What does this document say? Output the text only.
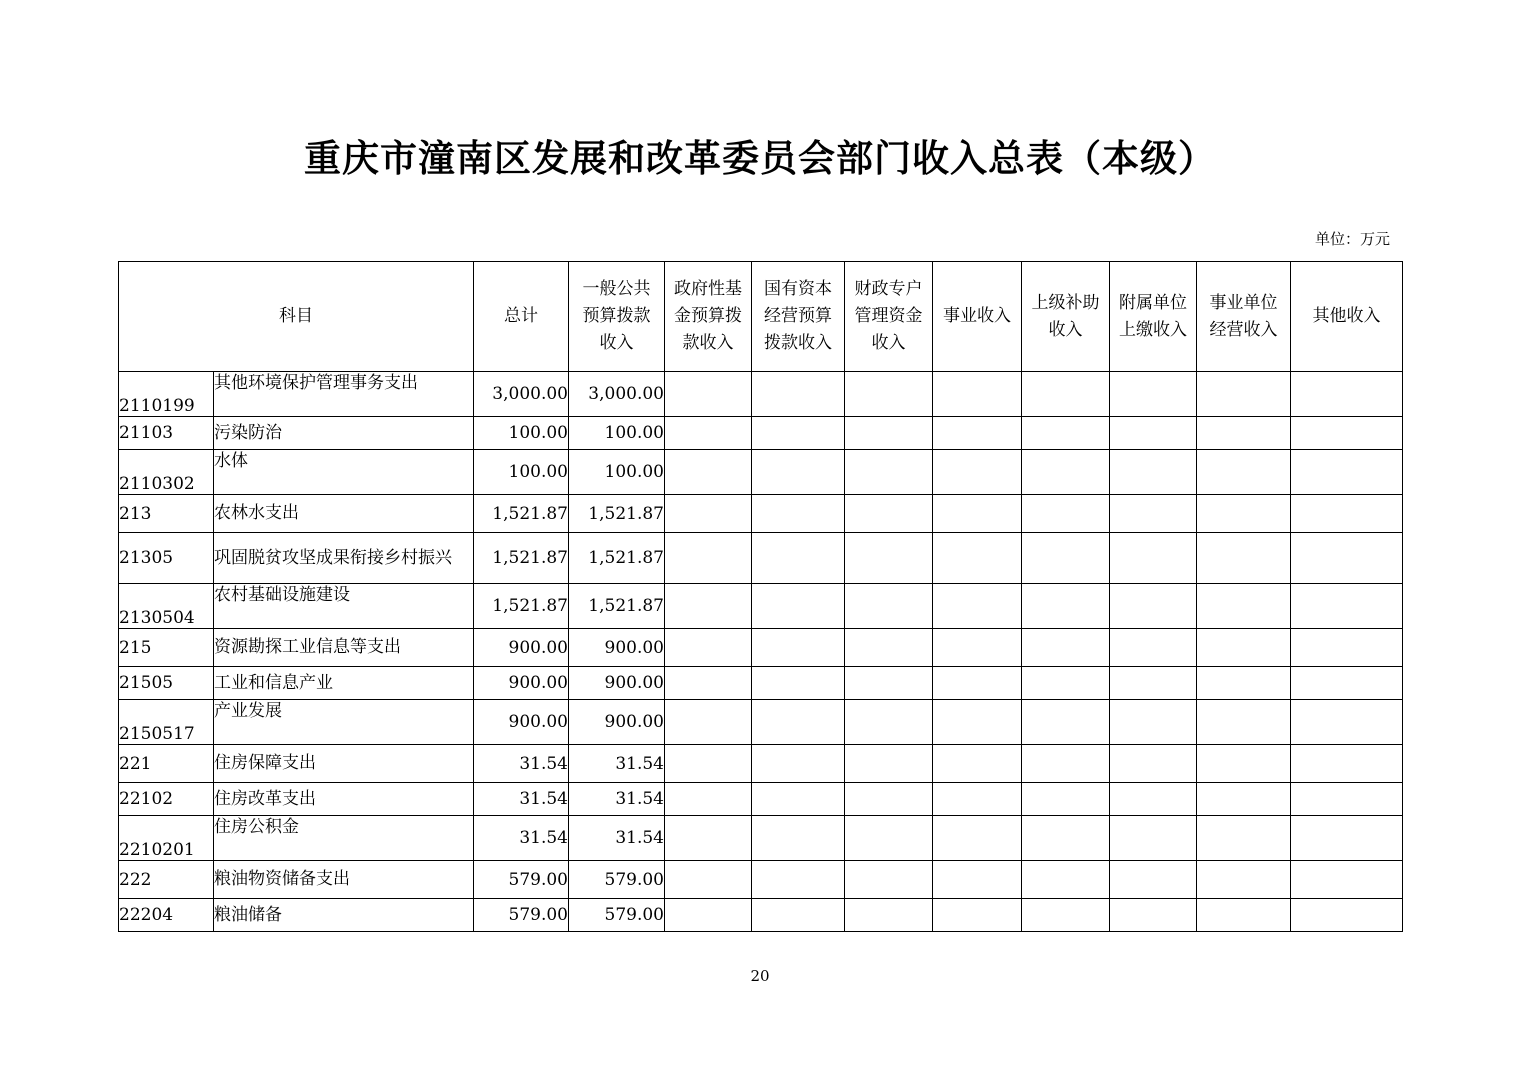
重庆市潼南区发展和改革委员会部门收入总表（本级）
单位：万元
科目		总计	一般公共预算拨款收入	政府性基金预算拨款收入	国有资本经营预算拨款收入	财政专户管理资金收入	事业收入	上级补助收入	附属单位上缴收入	事业单位经营收入	其他收入
2110199	其他环境保护管理事务支出	3,000.00	3,000.00								
21103	污染防治	100.00	100.00								
2110302	水体	100.00	100.00								
213	农林水支出	1,521.87	1,521.87								
21305	巩固脱贫攻坚成果衔接乡村振兴	1,521.87	1,521.87								
2130504	农村基础设施建设	1,521.87	1,521.87								
215	资源勘探工业信息等支出	900.00	900.00								
21505	工业和信息产业	900.00	900.00								
2150517	产业发展	900.00	900.00								
221	住房保障支出	31.54	31.54								
22102	住房改革支出	31.54	31.54								
2210201	住房公积金	31.54	31.54								
222	粮油物资储备支出	579.00	579.00								
22204	粮油储备	579.00	579.00								
20
